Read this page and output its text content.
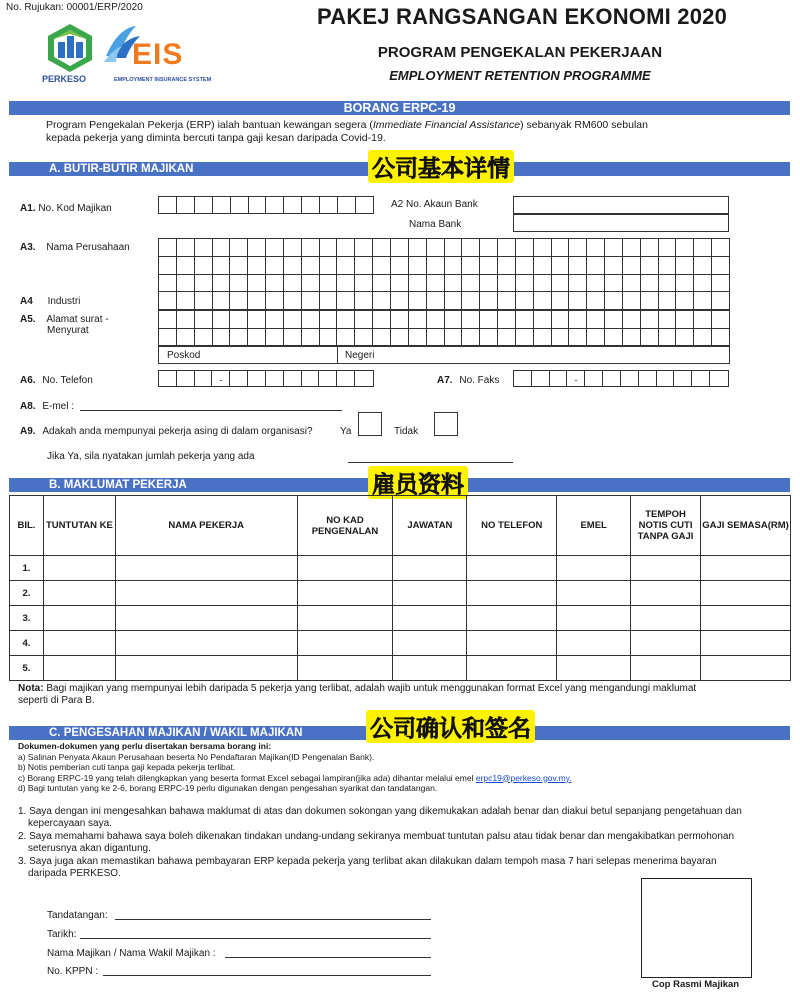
No. Rujukan: 00001/ERP/2020
PERKESO
EIS
EMPLOYMENT INSURANCE SYSTEM
PAKEJ RANGSANGAN EKONOMI 2020
PROGRAM PENGEKALAN PEKERJAAN
EMPLOYMENT RETENTION PROGRAMME
BORANG ERPC-19
Program Pengekalan Pekerja (ERP) ialah bantuan kewangan segera (Immediate Financial Assistance) sebanyak RM600 sebulan
kepada pekerja yang diminta bercuti tanpa gaji kesan daripada Covid-19.
A. BUTIR-BUTIR MAJIKAN	公司基本详情
A1. No. Kod Majikan	A2 No. Akaun Bank
Nama Bank
A3. Nama Perusahaan
A4 Industri
A5. Alamat surat -
Menyurat
Poskod	Negeri
A6. No. Telefon	-	A7. No. Faks	-
A8. E-mel :
A9. Adakah anda mempunyai pekerja asing di dalam organisasi?	Ya	Tidak
Jika Ya, sila nyatakan jumlah pekerja yang ada
B. MAKLUMAT PEKERJA	雇员资料
BIL.	TUNTUTAN KE	NAMA PEKERJA	NO KAD PENGENALAN	JAWATAN	NO TELEFON	EMEL	TEMPOH NOTIS CUTI TANPA GAJI	GAJI SEMASA(RM)
1.								
2.								
3.								
4.								
5.								
Nota: Bagi majikan yang mempunyai lebih daripada 5 pekerja yang terlibat, adalah wajib untuk menggunakan format Excel yang mengandungi maklumat
seperti di Para B.
C. PENGESAHAN MAJIKAN / WAKIL MAJIKAN	公司确认和签名
Dokumen-dokumen yang perlu disertakan bersama borang ini:
a) Salinan Penyata Akaun Perusahaan beserta No Pendaftaran Majikan(ID Pengenalan Bank).
b) Notis pemberian cuti tanpa gaji kepada pekerja terlibat.
c) Borang ERPC-19 yang telah dilengkapkan yang beserta format Excel sebagai lampiran(jika ada) dihantar melalui emel erpc19@perkeso.gov.my.
d) Bagi tuntutan yang ke 2-6, borang ERPC-19 perlu digunakan dengan pengesahan syarikat dan tandatangan.
1. Saya dengan ini mengesahkan bahawa maklumat di atas dan dokumen sokongan yang dikemukakan adalah benar dan diakui betul sepanjang pengetahuan dan
kepercayaan saya.
2. Saya memahami bahawa saya boleh dikenakan tindakan undang-undang sekiranya membuat tuntutan palsu atau tidak benar dan mengakibatkan permohonan
seterusnya akan digantung.
3. Saya juga akan memastikan bahawa pembayaran ERP kepada pekerja yang terlibat akan dilakukan dalam tempoh masa 7 hari selepas menerima bayaran
daripada PERKESO.
Tandatangan:
Tarikh:
Nama Majikan / Nama Wakil Majikan :
No. KPPN :
Cop Rasmi Majikan
